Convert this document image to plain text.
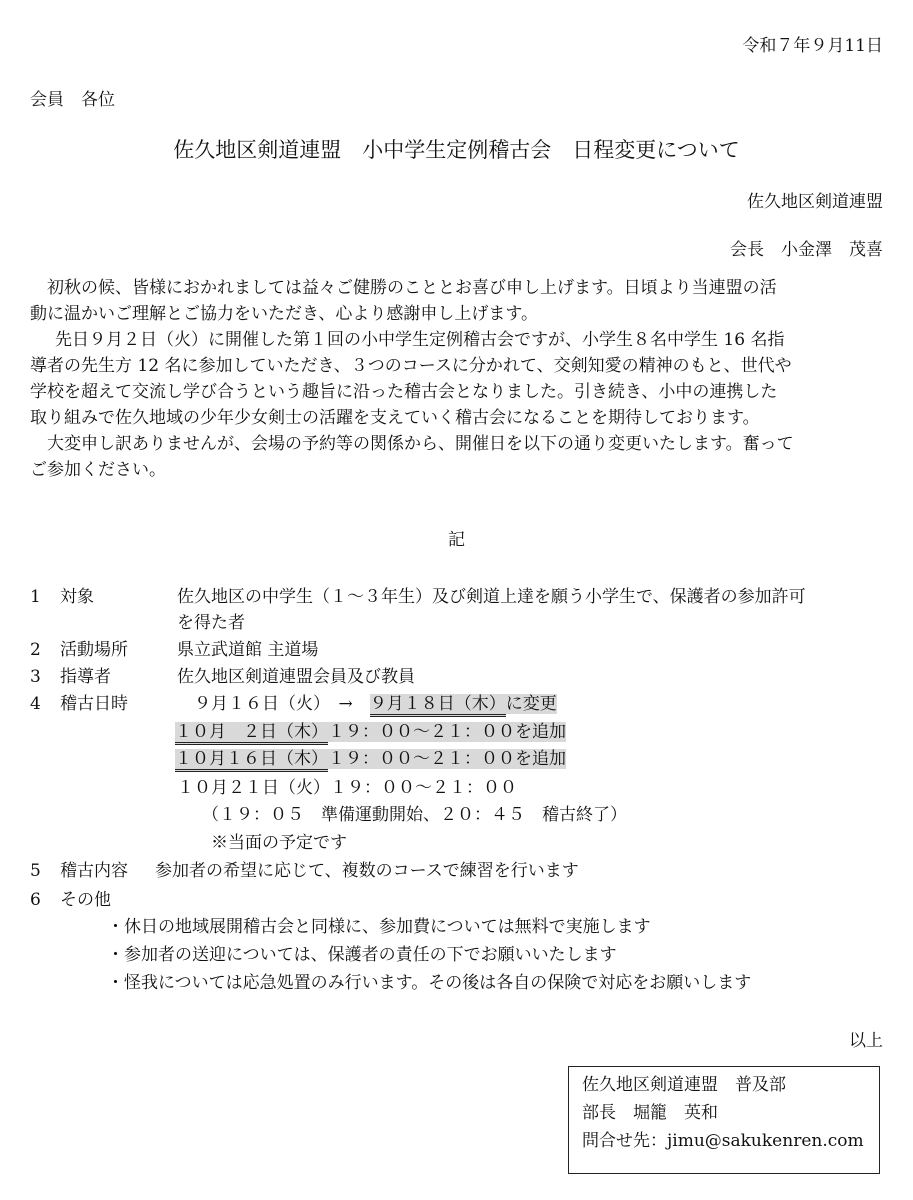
令和７年９月11日
会員　各位
佐久地区剣道連盟　小中学生定例稽古会　日程変更について
佐久地区剣道連盟
会長　小金澤　茂喜

初秋の候、皆様におかれましては益々ご健勝のこととお喜び申し上げます。日頃より当連盟の活

動に温かいご理解とご協力をいただき、心より感謝申し上げます。

先日９月２日（火）に開催した第１回の小中学生定例稽古会ですが、小学生８名中学生 16 名指

導者の先生方 12 名に参加していただき、３つのコースに分かれて、交剣知愛の精神のもと、世代や

学校を超えて交流し学び合うという趣旨に沿った稽古会となりました。引き続き、小中の連携した

取り組みで佐久地域の少年少女剣士の活躍を支えていく稽古会になることを期待しております。

大変申し訳ありませんが、会場の予約等の関係から、開催日を以下の通り変更いたします。奮って

ご参加ください。

記
1 対象	佐久地区の中学生（１～３年生）及び剣道上達を願う小学生で、保護者の参加許可
を得た者
2 活動場所	県立武道館 主道場
3 指導者	佐久地区剣道連盟会員及び教員
4 稽古日時	９月１６日（火）　→　９月１８日（木）に変更
１０月　２日（木）１９：００～２１：００を追加
１０月１６日（木）１９：００～２１：００を追加
１０月２１日（火）１９：００～２１：００
（１９：０５　準備運動開始、２０：４５　稽古終了）
※当面の予定です
5 稽古内容 参加者の希望に応じて、複数のコースで練習を行います
6 その他
・休日の地域展開稽古会と同様に、参加費については無料で実施します
・参加者の送迎については、保護者の責任の下でお願いいたします
・怪我については応急処置のみ行います。その後は各自の保険で対応をお願いします
以上
佐久地区剣道連盟　普及部
部長　堀籠　英和
問合せ先：jimu@sakukenren.com
